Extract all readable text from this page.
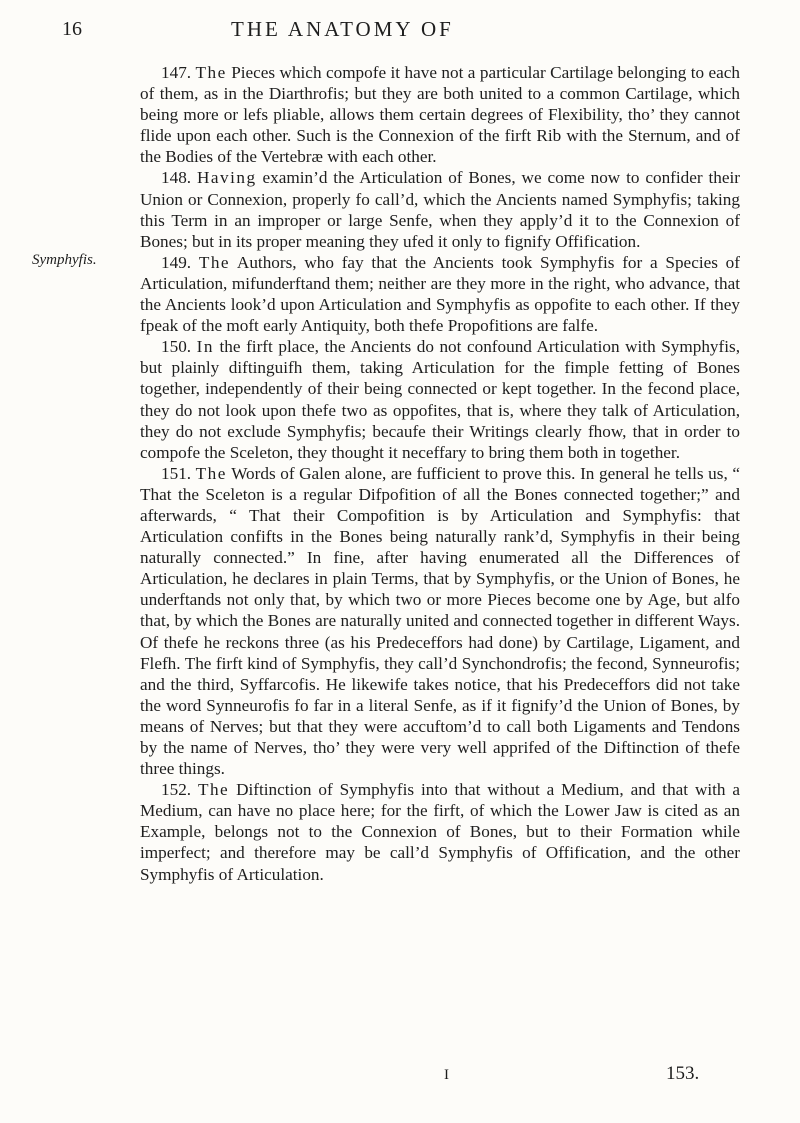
16	THE ANATOMY OF
Symphyfis.

147. The Pieces which compofe it have not a particular Cartilage belonging to each of them, as in the Diarthrofis; but they are both united to a common Cartilage, which being more or lefs pliable, allows them certain degrees of Flexibility, tho’ they cannot flide upon each other. Such is the Connexion of the firft Rib with the Sternum, and of the Bodies of the Vertebræ with each other.

148. Having examin’d the Articulation of Bones, we come now to confider their Union or Connexion, properly fo call’d, which the Ancients named Symphyfis; taking this Term in an improper or large Senfe, when they apply’d it to the Connexion of Bones; but in its proper meaning they ufed it only to fignify Offification.

149. The Authors, who fay that the Ancients took Symphyfis for a Species of Articulation, mifunderftand them; neither are they more in the right, who advance, that the Ancients look’d upon Articulation and Symphyfis as oppofite to each other. If they fpeak of the moft early Antiquity, both thefe Propofitions are falfe.

150. In the firft place, the Ancients do not confound Articulation with Symphyfis, but plainly diftinguifh them, taking Articulation for the fimple fetting of Bones together, independently of their being connected or kept together. In the fecond place, they do not look upon thefe two as oppofites, that is, where they talk of Articulation, they do not exclude Symphyfis; becaufe their Writings clearly fhow, that in order to compofe the Sceleton, they thought it neceffary to bring them both in together.

151. The Words of Galen alone, are fufficient to prove this. In general he tells us, “ That the Sceleton is a regular Difpofition of all the Bones connected together;” and afterwards, “ That their Compofition is by Articulation and Symphyfis: that Articulation confifts in the Bones being naturally rank’d, Symphyfis in their being naturally connected.” In fine, after having enumerated all the Differences of Articulation, he declares in plain Terms, that by Symphyfis, or the Union of Bones, he underftands not only that, by which two or more Pieces become one by Age, but alfo that, by which the Bones are naturally united and connected together in different Ways. Of thefe he reckons three (as his Predeceffors had done) by Cartilage, Ligament, and Flefh. The firft kind of Symphyfis, they call’d Synchondrofis; the fecond, Synneurofis; and the third, Syffarcofis. He likewife takes notice, that his Predeceffors did not take the word Synneurofis fo far in a literal Senfe, as if it fignify’d the Union of Bones, by means of Nerves; but that they were accuftom’d to call both Ligaments and Tendons by the name of Nerves, tho’ they were very well apprifed of the Diftinction of thefe three things.

152. The Diftinction of Symphyfis into that without a Medium, and that with a Medium, can have no place here; for the firft, of which the Lower Jaw is cited as an Example, belongs not to the Connexion of Bones, but to their Formation while imperfect; and therefore may be call’d Symphyfis of Offification, and the other Symphyfis of Articulation.

I	153.
